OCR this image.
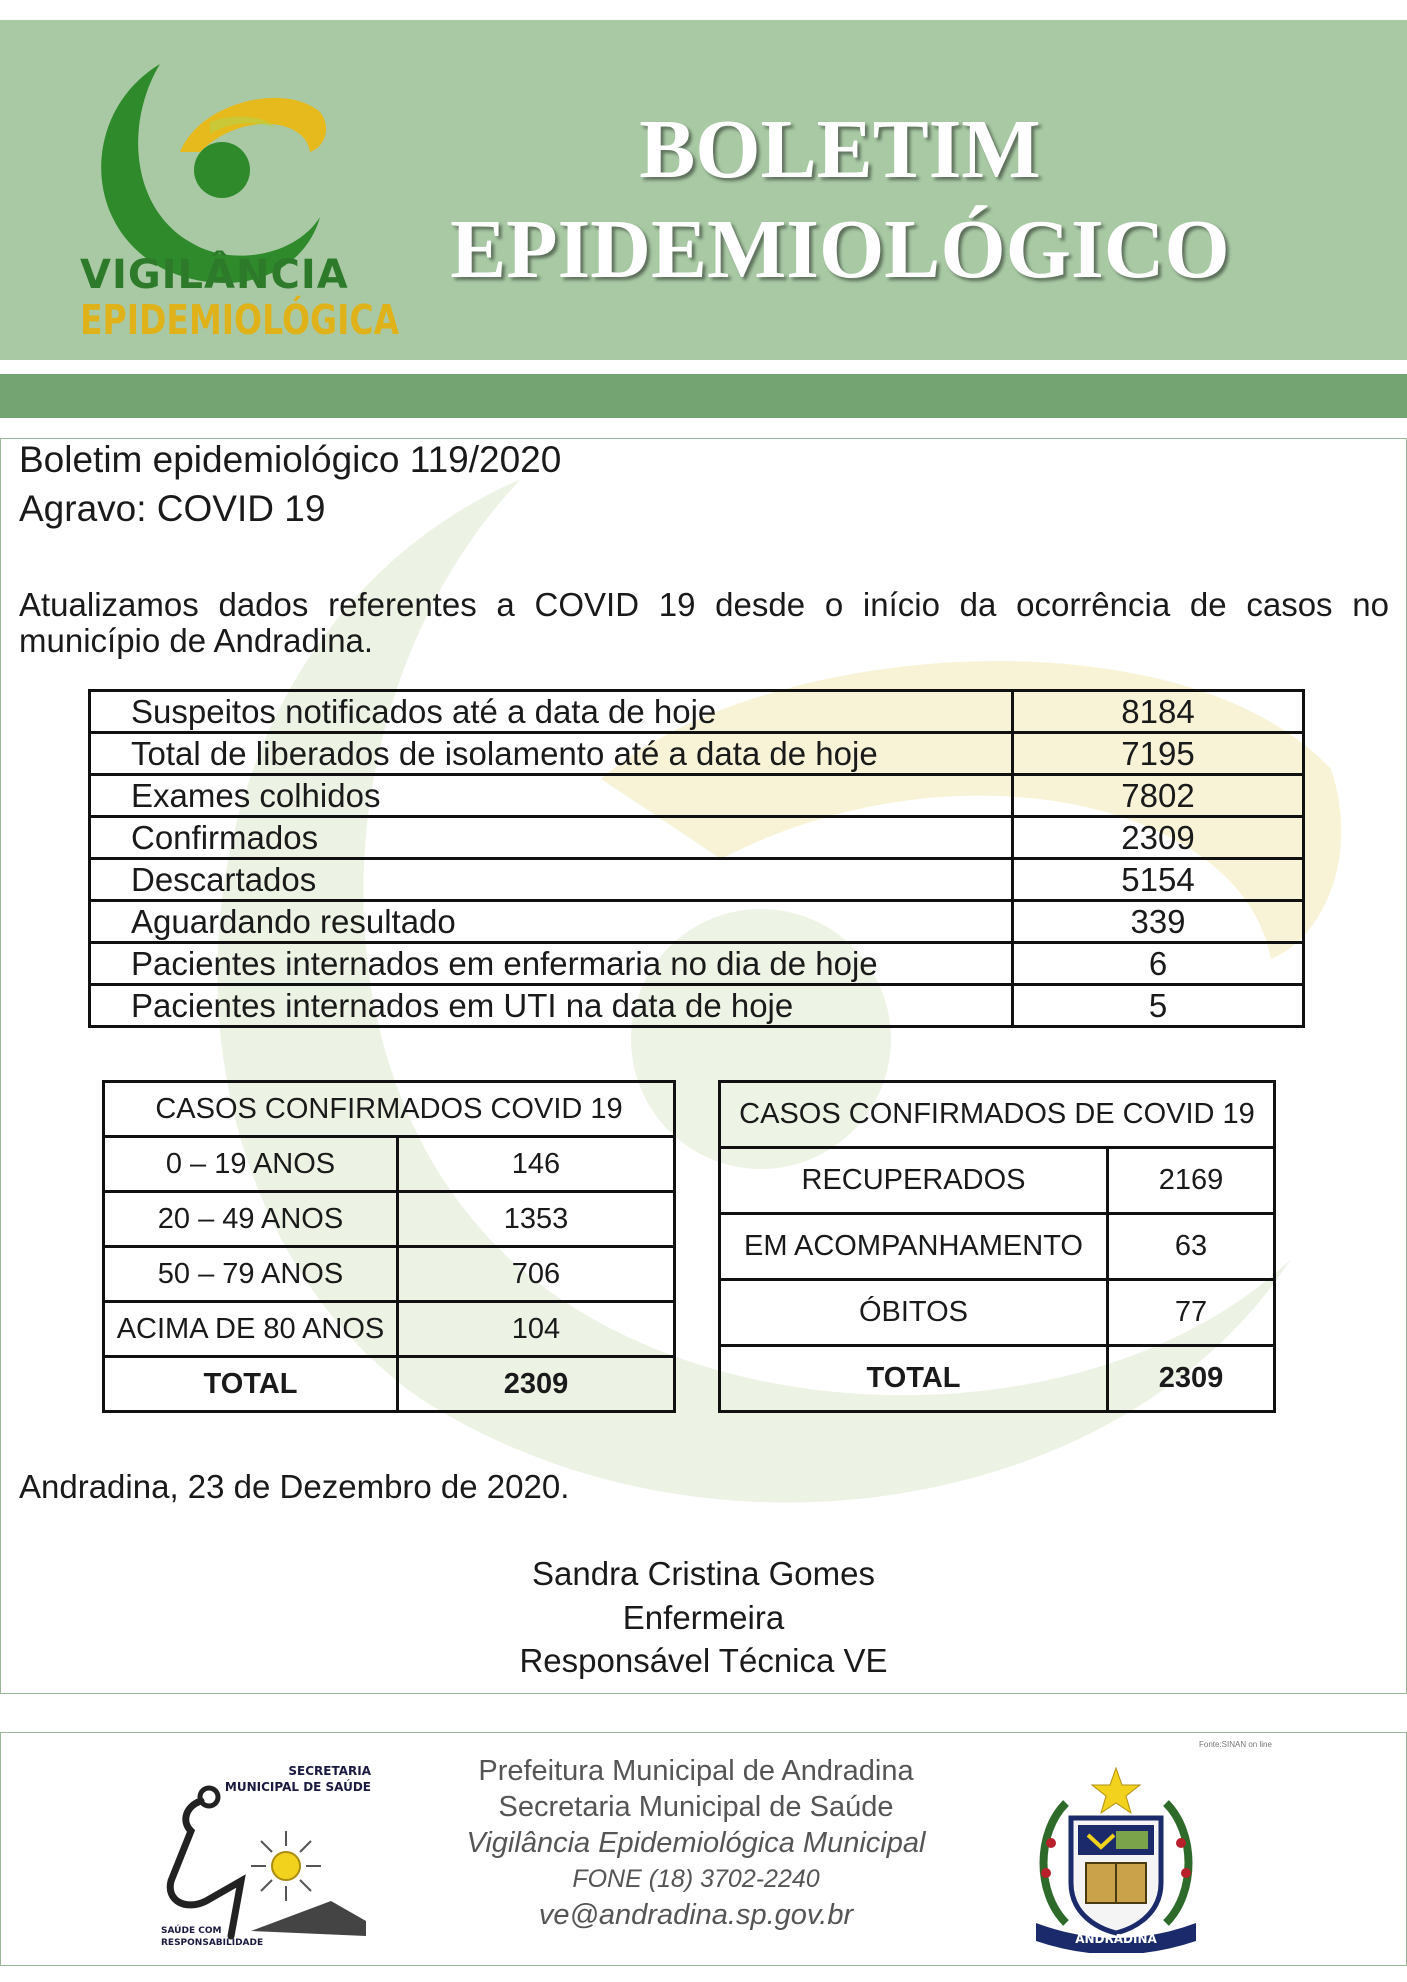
VIGILÂNCIA
EPIDEMIOLÓGICA
BOLETIM
EPIDEMIOLÓGICO
Boletim epidemiológico 119/2020
Agravo: COVID 19
Atualizamos dados referentes a COVID 19 desde o início da ocorrência de casos no município de Andradina.
Suspeitos notificados até a data de hoje	8184
Total de liberados de isolamento até a data de hoje	7195
Exames colhidos	7802
Confirmados	2309
Descartados	5154
Aguardando resultado	339
Pacientes internados em enfermaria no dia de hoje	6
Pacientes internados em UTI na data de hoje	5
CASOS CONFIRMADOS COVID 19	
0 – 19 ANOS	146
20 – 49 ANOS	1353
50 – 79 ANOS	706
ACIMA DE 80 ANOS	104
TOTAL	2309
CASOS CONFIRMADOS DE COVID 19	
RECUPERADOS	2169
EM ACOMPANHAMENTO	63
ÓBITOS	77
TOTAL	2309
Andradina, 23 de Dezembro de 2020.
Sandra Cristina Gomes
Enfermeira
Responsável Técnica VE
Fonte:SINAN on line
SECRETARIA
MUNICIPAL DE SAÚDE
SAÚDE COM
RESPONSABILIDADE
Prefeitura Municipal de Andradina
Secretaria Municipal de Saúde
Vigilância Epidemiológica Municipal
FONE (18) 3702-2240
ve@andradina.sp.gov.br
ANDRADINA
